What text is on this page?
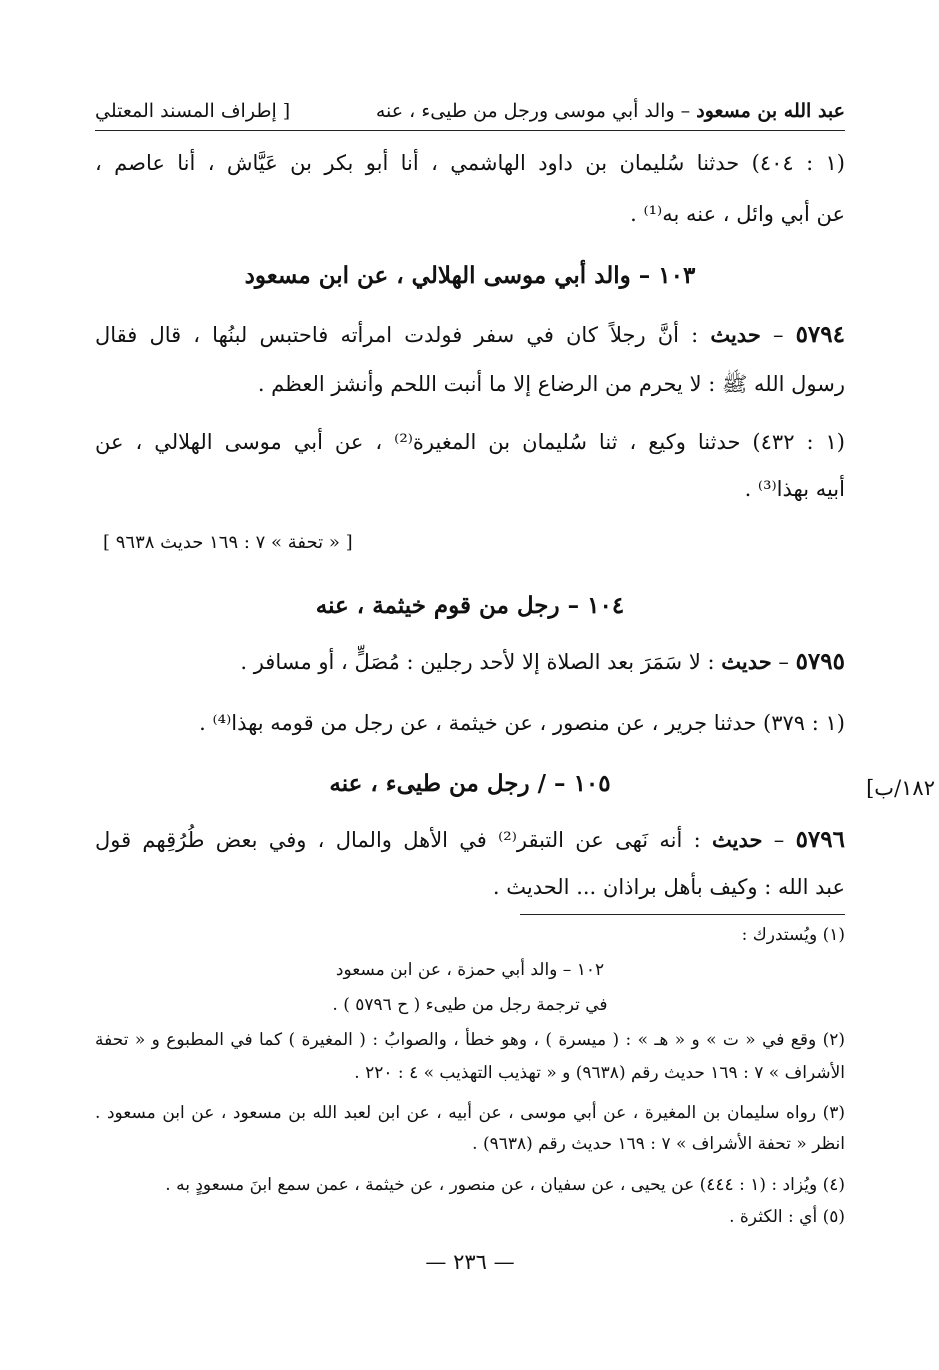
عبد الله بن مسعود – والد أبي موسى ورجل من طيىء ، عنه
[ إطراف المسند المعتلي
(١ : ٤٠٤) حدثنا سُليمان بن داود الهاشمي ، أنا أبو بكر بن عَيَّاش ، أنا عاصم ،
عن أبي وائل ، عنه به⁽¹⁾ .
١٠٣ – والد أبي موسى الهلالي ، عن ابن مسعود
٥٧٩٤ – حديث : أنَّ رجلاً كان في سفر فولدت امرأته فاحتبس لبنُها ، قال فقال
رسول الله ﷺ : لا يحرم من الرضاع إلا ما أنبت اللحم وأنشز العظم .
(١ : ٤٣٢) حدثنا وكيع ، ثنا سُليمان بن المغيرة⁽²⁾ ، عن أبي موسى الهلالي ، عن
أبيه بهذا⁽³⁾ .
[ « تحفة » ٧ : ١٦٩ حديث ٩٦٣٨ ]
١٠٤ – رجل من قوم خيثمة ، عنه
٥٧٩٥ – حديث : لا سَمَرَ بعد الصلاة إلا لأحد رجلين : مُصَلٍّ ، أو مسافر .
(١ : ٣٧٩) حدثنا جرير ، عن منصور ، عن خيثمة ، عن رجل من قومه بهذا⁽⁴⁾ .
١٠٥ – / رجل من طيىء ، عنه	١٨٢/ب]
٥٧٩٦ – حديث : أنه نَهى عن التبقر⁽²⁾ في الأهل والمال ، وفي بعض طُرُقِهم قول
عبد الله : وكيف بأهل براذان ... الحديث .
(١) ويُستدرك :
١٠٢ – والد أبي حمزة ، عن ابن مسعود
في ترجمة رجل من طيىء ( ح ٥٧٩٦ ) .
(٢) وقع في « ت » و « هـ » : ( ميسرة ) ، وهو خطأ ، والصوابُ : ( المغيرة ) كما في المطبوع و « تحفة
الأشراف » ٧ : ١٦٩ حديث رقم (٩٦٣٨) و « تهذيب التهذيب » ٤ : ٢٢٠ .
(٣) رواه سليمان بن المغيرة ، عن أبي موسى ، عن أبيه ، عن ابن لعبد الله بن مسعود ، عن ابن مسعود .
انظر « تحفة الأشراف » ٧ : ١٦٩ حديث رقم (٩٦٣٨) .
(٤) ويُزاد : (١ : ٤٤٤) عن يحيى ، عن سفيان ، عن منصور ، عن خيثمة ، عمن سمع ابنَ مسعودٍ به .
(٥) أي : الكثرة .
— ٢٣٦ —
